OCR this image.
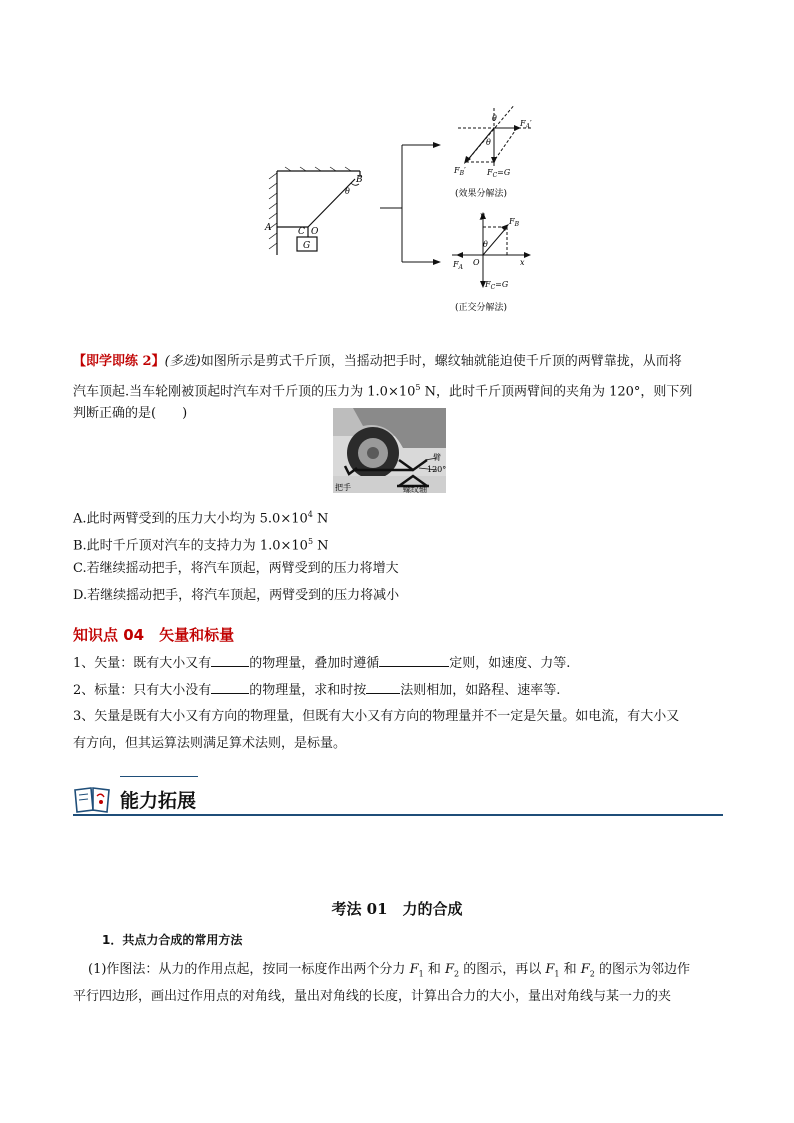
A
B
C O
G
θ
θ
θ
$F_A'$
$F_B'$	$F_C=G$
(效果分解法)
y
x
O
θ
$F_B$
$F_A$
$F_C=G$
(正交分解法)
【即学即练 2】(多选)如图所示是剪式千斤顶，当摇动把手时，螺纹轴就能迫使千斤顶的两臂靠拢，从而将
汽车顶起.当车轮刚被顶起时汽车对千斤顶的压力为 $1.0\times 10^5$ N，此时千斤顶两臂间的夹角为 120°，则下列
判断正确的是(　　)
臂
120°
把手	螺纹轴
A.此时两臂受到的压力大小均为 $5.0\times 10^4$ N
B.此时千斤顶对汽车的支持力为 $1.0\times 10^5$ N
C.若继续摇动把手，将汽车顶起，两臂受到的压力将增大
D.若继续摇动把手，将汽车顶起，两臂受到的压力将减小
知识点 04　矢量和标量
1、矢量：既有大小又有	的物理量，叠加时遵循	定则，如速度、力等.
2、标量：只有大小没有	的物理量，求和时按	法则相加，如路程、速率等.
3、矢量是既有大小又有方向的物理量，但既有大小又有方向的物理量并不一定是矢量。如电流，有大小又
有方向，但其运算法则满足算术法则，是标量。
能力拓展
考法 01　力的合成
1．共点力合成的常用方法
(1)作图法：从力的作用点起，按同一标度作出两个分力 $F_1$ 和 $F_2$ 的图示，再以 $F_1$ 和 $F_2$ 的图示为邻边作
平行四边形，画出过作用点的对角线，量出对角线的长度，计算出合力的大小，量出对角线与某一力的夹
